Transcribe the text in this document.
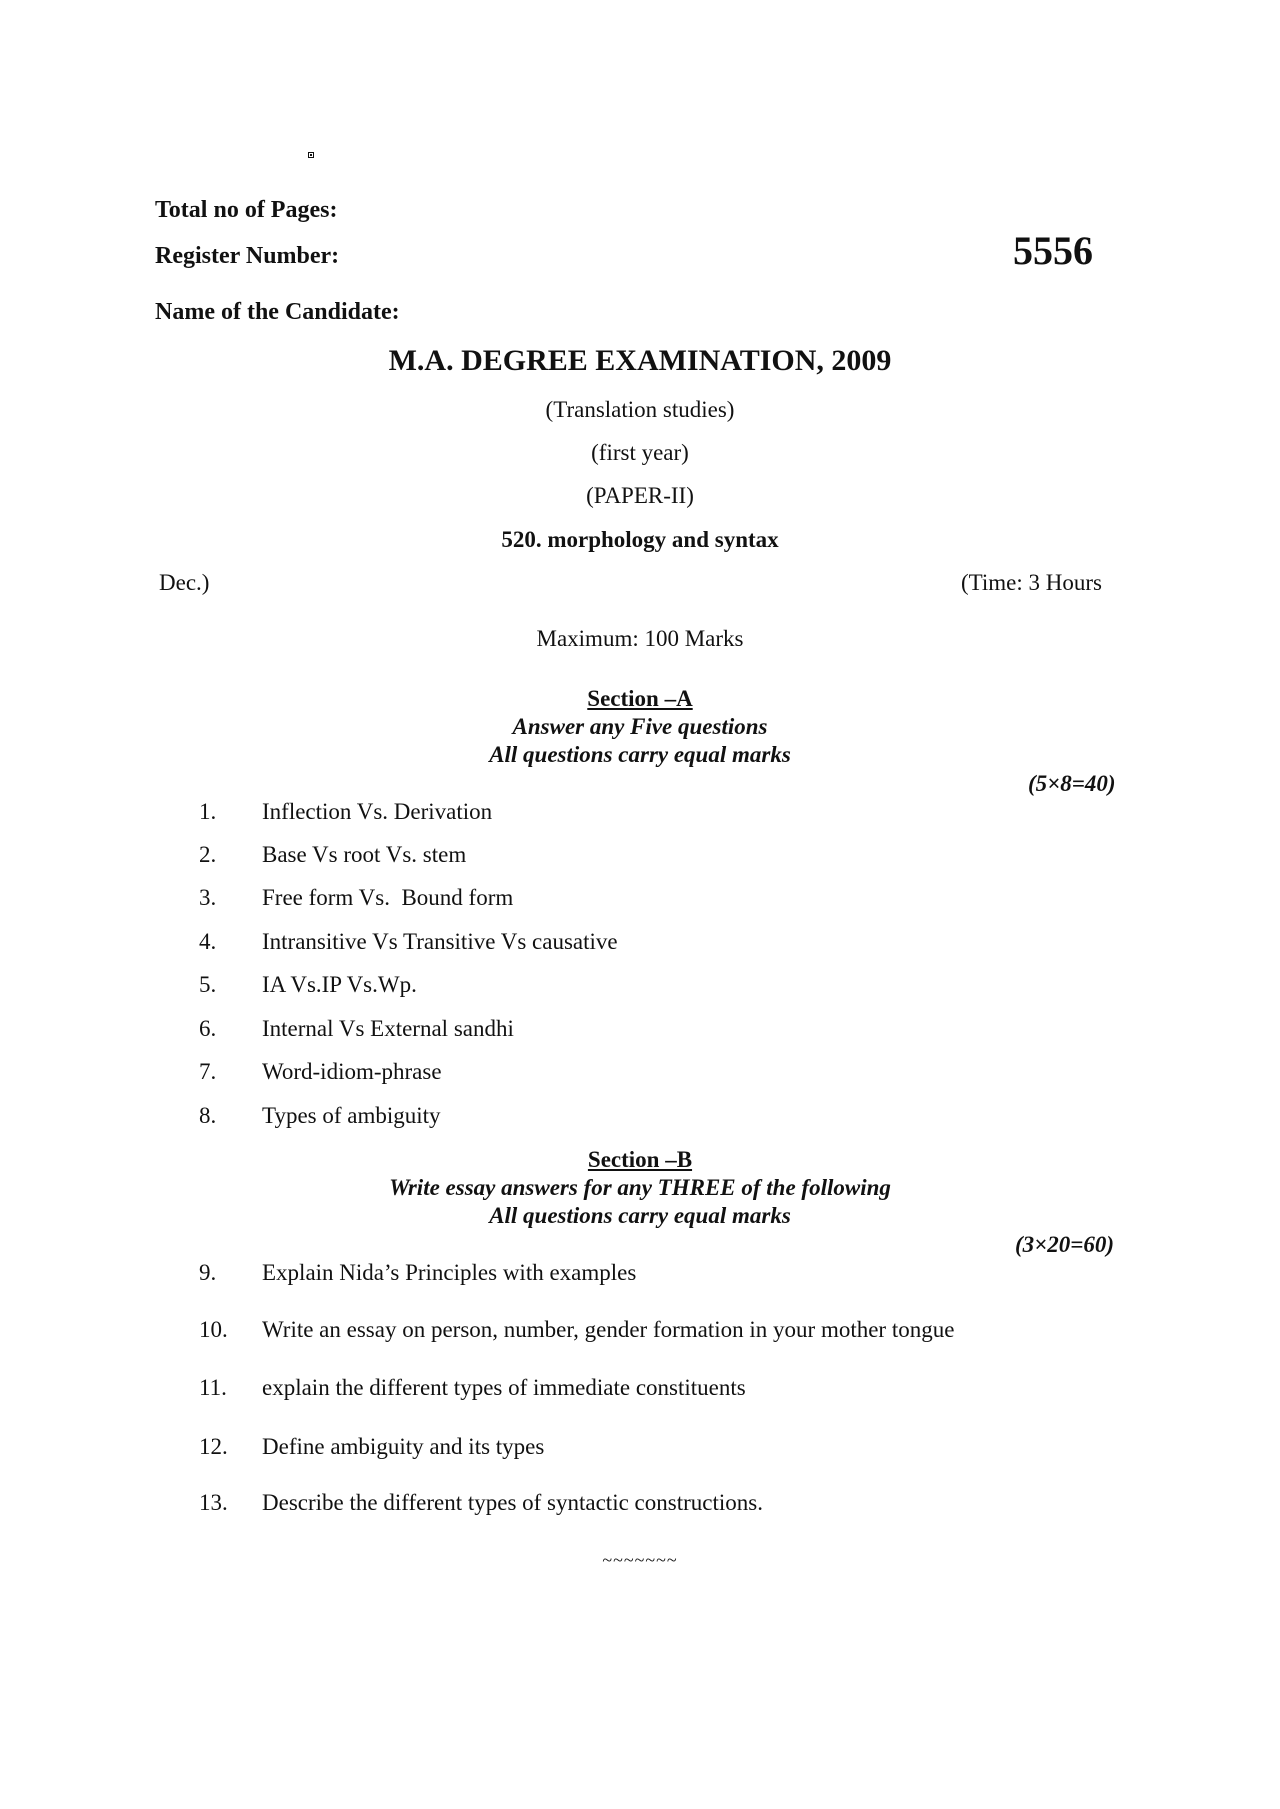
Total no of Pages:
Register Number:	5556
Name of the Candidate:
M.A. DEGREE EXAMINATION, 2009
(Translation studies)
(first year)
(PAPER-II)
520. morphology and syntax
Dec.)	(Time: 3 Hours
Maximum: 100 Marks
Section –A
Answer any Five questions
All questions carry equal marks
(5×8=40)
1.	Inflection Vs. Derivation
2.	Base Vs root Vs. stem
3.	Free form Vs.  Bound form
4.	Intransitive Vs Transitive Vs causative
5.	IA Vs.IP Vs.Wp.
6.	Internal Vs External sandhi
7.	Word-idiom-phrase
8.	Types of ambiguity
Section –B
Write essay answers for any THREE of the following
All questions carry equal marks
(3×20=60)
9.	Explain Nida’s Principles with examples
10.	Write an essay on person, number, gender formation in your mother tongue
11.	explain the different types of immediate constituents
12.	Define ambiguity and its types
13.	Describe the different types of syntactic constructions.
~~~~~~~
